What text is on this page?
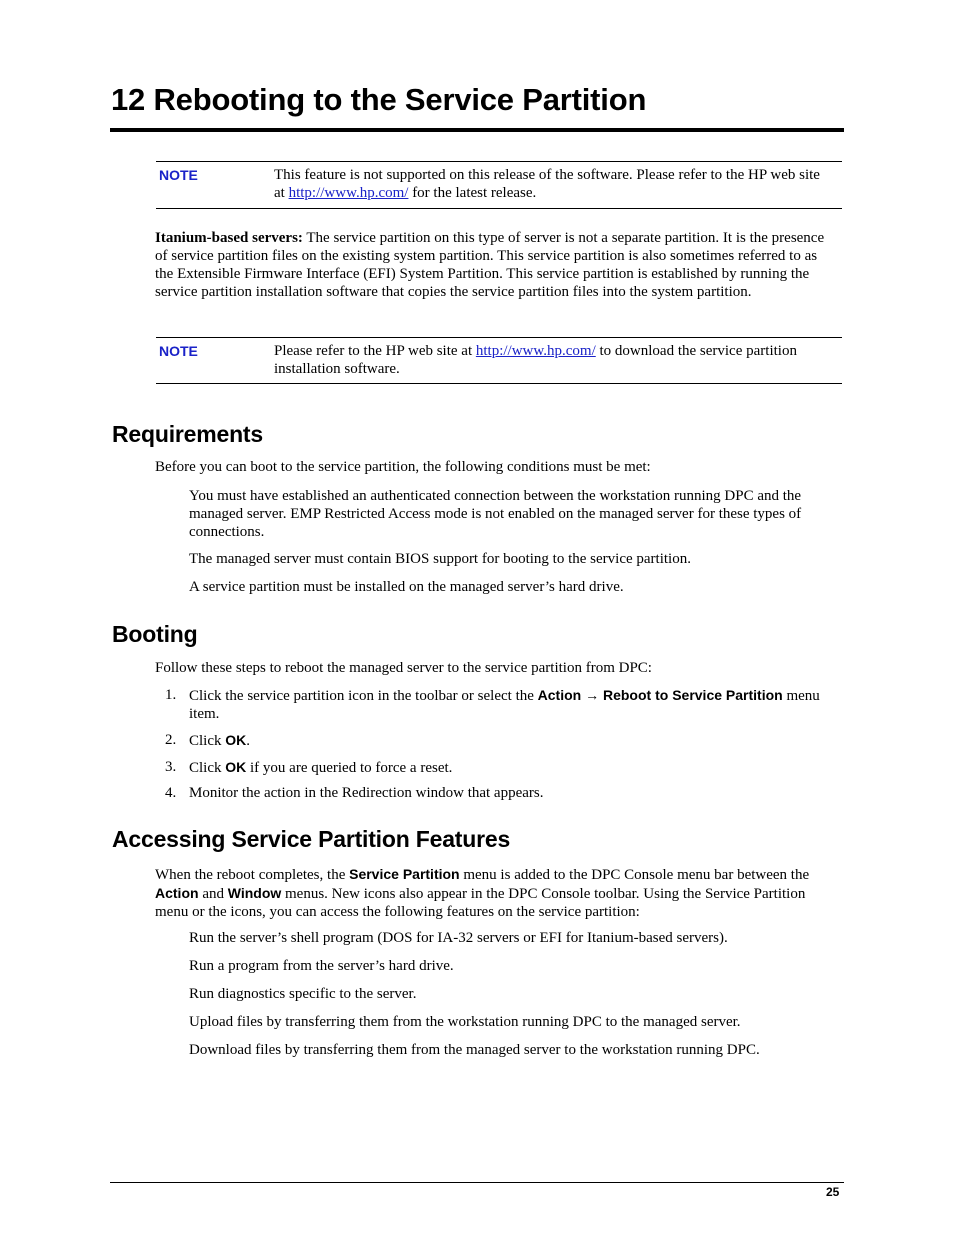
12 Rebooting to the Service Partition
NOTE	This feature is not supported on this release of the software. Please refer to the HP web site at http://www.hp.com/ for the latest release.

Itanium-based servers: The service partition on this type of server is not a separate partition. It is the presence of service partition files on the existing system partition. This service partition is also sometimes referred to as the Extensible Firmware Interface (EFI) System Partition. This service partition is established by running the service partition installation software that copies the service partition files into the system partition.

NOTE	Please refer to the HP web site at http://www.hp.com/ to download the service partition installation software.
Requirements

Before you can boot to the service partition, the following conditions must be met:

You must have established an authenticated connection between the workstation running DPC and the managed server. EMP Restricted Access mode is not enabled on the managed server for these types of connections.

The managed server must contain BIOS support for booting to the service partition.

A service partition must be installed on the managed server’s hard drive.

Booting

Follow these steps to reboot the managed server to the service partition from DPC:

1. Click the service partition icon in the toolbar or select the Action → Reboot to Service Partition menu item.

2. Click OK.

3. Click OK if you are queried to force a reset.

4. Monitor the action in the Redirection window that appears.

Accessing Service Partition Features

When the reboot completes, the Service Partition menu is added to the DPC Console menu bar between the Action and Window menus. New icons also appear in the DPC Console toolbar. Using the Service Partition menu or the icons, you can access the following features on the service partition:

Run the server’s shell program (DOS for IA-32 servers or EFI for Itanium-based servers).

Run a program from the server’s hard drive.

Run diagnostics specific to the server.

Upload files by transferring them from the workstation running DPC to the managed server.

Download files by transferring them from the managed server to the workstation running DPC.

25
